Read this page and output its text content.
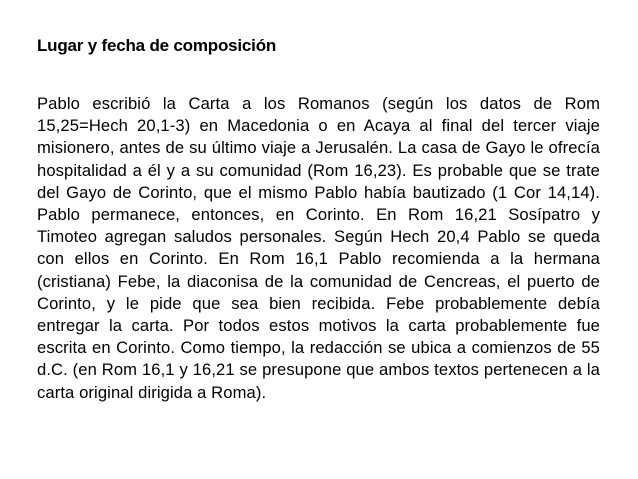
Lugar y fecha de composición
Pablo escribió la Carta a los Romanos (según los datos de Rom 15,25=Hech 20,1-3) en Macedonia o en Acaya al final del tercer viaje misionero, antes de su último viaje a Jerusalén. La casa de Gayo le ofrecía hospitalidad a él y a su comunidad (Rom 16,23). Es probable que se trate del Gayo de Corinto, que el mismo Pablo había bautizado (1 Cor 14,14). Pablo permanece, entonces, en Corinto. En Rom 16,21 Sosípatro y Timoteo agregan saludos personales. Según Hech 20,4 Pablo se queda con ellos en Corinto. En Rom 16,1 Pablo recomienda a la hermana (cristiana) Febe, la diaconisa de la comunidad de Cencreas, el puerto de Corinto, y le pide que sea bien recibida. Febe probablemente debía entregar la carta. Por todos estos motivos la carta probablemente fue escrita en Corinto. Como tiempo, la redacción se ubica a comienzos de 55 d.C. (en Rom 16,1 y 16,21 se presupone que ambos textos pertenecen a la carta original dirigida a Roma).
